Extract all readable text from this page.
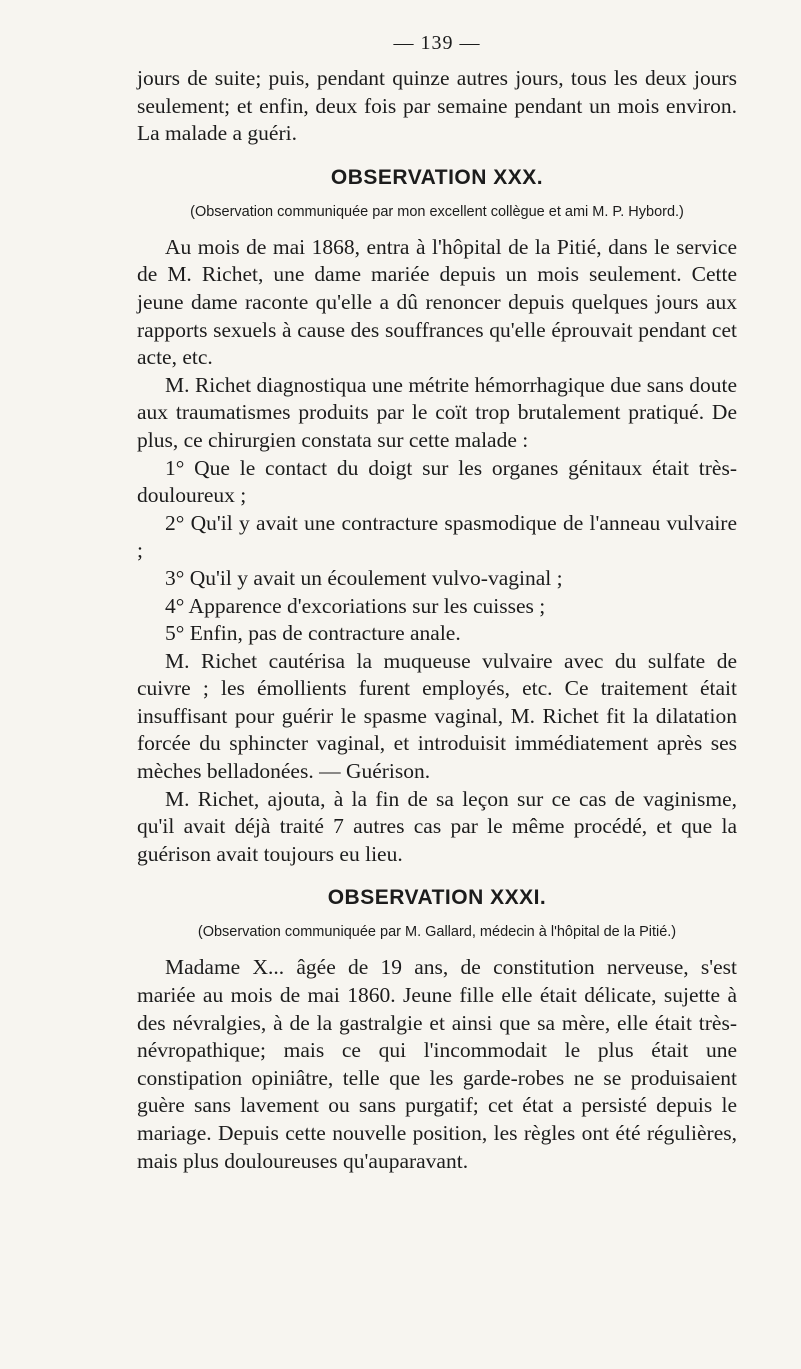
— 139 —

jours de suite; puis, pendant quinze autres jours, tous les deux jours seulement; et enfin, deux fois par semaine pendant un mois environ. La malade a guéri.

OBSERVATION XXX.
(Observation communiquée par mon excellent collègue et ami M. P. Hybord.)

Au mois de mai 1868, entra à l'hôpital de la Pitié, dans le service de M. Richet, une dame mariée depuis un mois seulement. Cette jeune dame raconte qu'elle a dû renoncer depuis quelques jours aux rapports sexuels à cause des souffrances qu'elle éprouvait pendant cet acte, etc.

M. Richet diagnostiqua une métrite hémorrhagique due sans doute aux traumatismes produits par le coït trop brutalement pratiqué. De plus, ce chirurgien constata sur cette malade :

1° Que le contact du doigt sur les organes génitaux était très-douloureux ;

2° Qu'il y avait une contracture spasmodique de l'anneau vulvaire ;

3° Qu'il y avait un écoulement vulvo-vaginal ;

4° Apparence d'excoriations sur les cuisses ;

5° Enfin, pas de contracture anale.

M. Richet cautérisa la muqueuse vulvaire avec du sulfate de cuivre ; les émollients furent employés, etc. Ce traitement était insuffisant pour guérir le spasme vaginal, M. Richet fit la dilatation forcée du sphincter vaginal, et introduisit immédiatement après ses mèches belladonées. — Guérison.

M. Richet, ajouta, à la fin de sa leçon sur ce cas de vaginisme, qu'il avait déjà traité 7 autres cas par le même procédé, et que la guérison avait toujours eu lieu.

OBSERVATION XXXI.
(Observation communiquée par M. Gallard, médecin à l'hôpital de la Pitié.)

Madame X... âgée de 19 ans, de constitution nerveuse, s'est mariée au mois de mai 1860. Jeune fille elle était délicate, sujette à des névralgies, à de la gastralgie et ainsi que sa mère, elle était très-névropathique; mais ce qui l'incommodait le plus était une constipation opiniâtre, telle que les garde-robes ne se produisaient guère sans lavement ou sans purgatif; cet état a persisté depuis le mariage. Depuis cette nouvelle position, les règles ont été régulières, mais plus douloureuses qu'auparavant.
